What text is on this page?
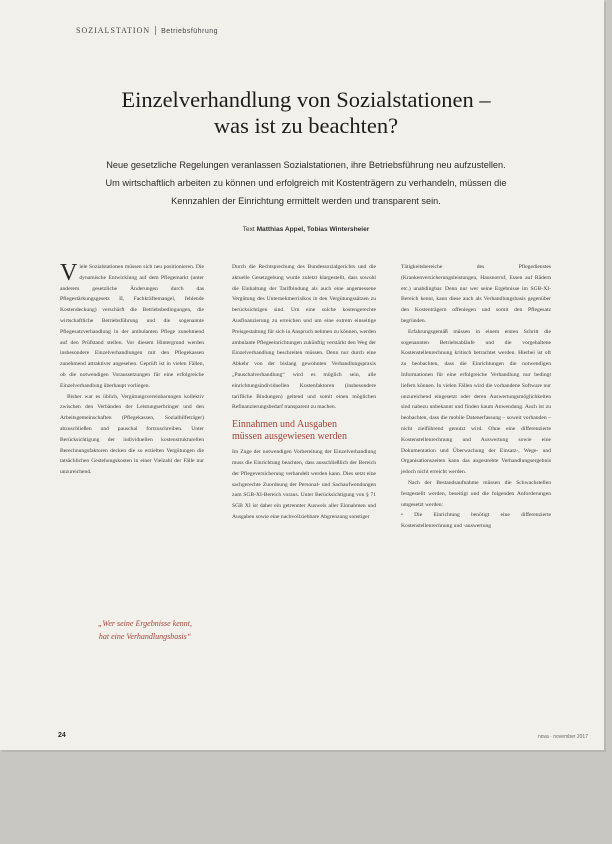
SOZIALSTATION Betriebsführung
Einzelverhandlung von Sozialstationen –
was ist zu beachten?
Neue gesetzliche Regelungen veranlassen Sozialstationen, ihre Betriebsführung neu aufzustellen.
Um wirtschaftlich arbeiten zu können und erfolgreich mit Kostenträgern zu verhandeln, müssen die
Kennzahlen der Einrichtung ermittelt werden und transparent sein.
Text Matthias Appel, Tobias Wintersheier

Viele Sozialstationen müssen sich neu positionieren. Die dynamische Entwicklung auf dem Pflegemarkt (unter anderem gesetzliche Änderungen durch das Pflegestärkungsgesetz II, Fachkräftemangel, fehlende Kostendeckung) verschärft die Betriebsbedingungen, die wirtschaftliche Betriebsführung und die sogenannte Pflegesatzverhandlung in der ambulanten Pflege zunehmend auf den Prüfstand stellen. Vor diesem Hintergrund werden insbesondere Einzelverhandlungen mit den Pflegekassen zunehmend attraktiver angesehen. Geprüft ist in vielen Fällen, ob die notwendigen Voraussetzungen für eine erfolgreiche Einzelverhandlung überhaupt vorliegen.

Bisher war es üblich, Vergütungsvereinbarungen kollektiv zwischen den Verbänden der Leistungserbringer und den Arbeitsgemeinschaften (Pflegekassen, Sozialhilfeträger) abzuschließen und pauschal fortzuschreiben. Unter Berücksichtigung der individuellen kostenstrukturellen Berechnungsfaktoren decken die so erzielten Vergütungen die tatsächlichen Gestehungskosten in einer Vielzahl der Fälle nur unzureichend.

„Wer seine Ergebnisse kennt,
hat eine Verhandlungsbasis“

Durch die Rechtsprechung des Bundessozialgerichts und die aktuelle Gesetzgebung wurde zuletzt klargestellt, dass sowohl die Einhaltung der Tarifbindung als auch eine angemessene Vergütung des Unternehmerrisikos in den Vergütungssätzen zu berücksichtigen sind. Um eine solche kostengerechte Ausfinanzierung zu erreichen und um eine extrem einseitige Preisgestaltung für sich in Anspruch nehmen zu können, werden ambulante Pflegeeinrichtungen zukünftig verstärkt den Weg der Einzelverhandlung beschreiten müssen. Denn nur durch eine Abkehr von der bislang gewohnten Verhandlungspraxis „Pauschalverhandlung“ wird es möglich sein, alle einrichtungsindividuellen Kostenfaktoren (insbesondere tarifliche Bindungen) geltend und somit einen möglichen Refinanzierungsbedarf transparent zu machen.

Einnahmen und Ausgaben
müssen ausgewiesen werden

Im Zuge der notwendigen Vorbereitung der Einzelverhandlung muss die Einrichtung beachten, dass ausschließlich der Bereich der Pflegeversicherung verhandelt werden kann. Dies setzt eine sachgerechte Zuordnung der Personal- und Sachaufwendungen zum SGB-XI-Bereich voraus. Unter Berücksichtigung von § 71 SGB XI ist daher ein getrennter Ausweis aller Einnahmen und Ausgaben sowie eine nachvollziehbare Abgrenzung sonstiger

Tätigkeitsbereiche des Pflegedienstes (Krankenversicherungsleistungen, Hausnotruf, Essen auf Rädern etc.) unabdingbar. Denn nur wer seine Ergebnisse im SGB-XI-Bereich kennt, kann diese auch als Verhandlungsbasis gegenüber den Kostenträgern offenlegen und somit den Pflegesatz begründen.

Erfahrungsgemäß müssen in einem ersten Schritt die sogenannten Betriebsabläufe und die vorgehaltene Kostenstellenrechnung kritisch betrachtet werden. Hierbei ist oft zu beobachten, dass die Einrichtungen die notwendigen Informationen für eine erfolgreiche Verhandlung nur bedingt liefern können. In vielen Fällen wird die vorhandene Software nur unzureichend eingesetzt oder deren Auswertungsmöglichkeiten sind nahezu unbekannt und finden kaum Anwendung. Auch ist zu beobachten, dass die mobile Datenerfassung – soweit vorhanden – nicht zielführend genutzt wird. Ohne eine differenzierte Kostenstellenrechnung und Auswertung sowie eine Dokumentation und Überwachung der Einsatz-, Wege- und Organisationszeiten kann das angestrebte Verhandlungsergebnis jedoch nicht erreicht werden.

Nach der Bestandsaufnahme müssen die Schwachstellen festgestellt werden, beseitigt und die folgenden Anforderungen umgesetzt werden:

• Die Einrichtung benötigt eine differenzierte Kostenstellenrechnung und -auswertung

24	nova · november 2017
